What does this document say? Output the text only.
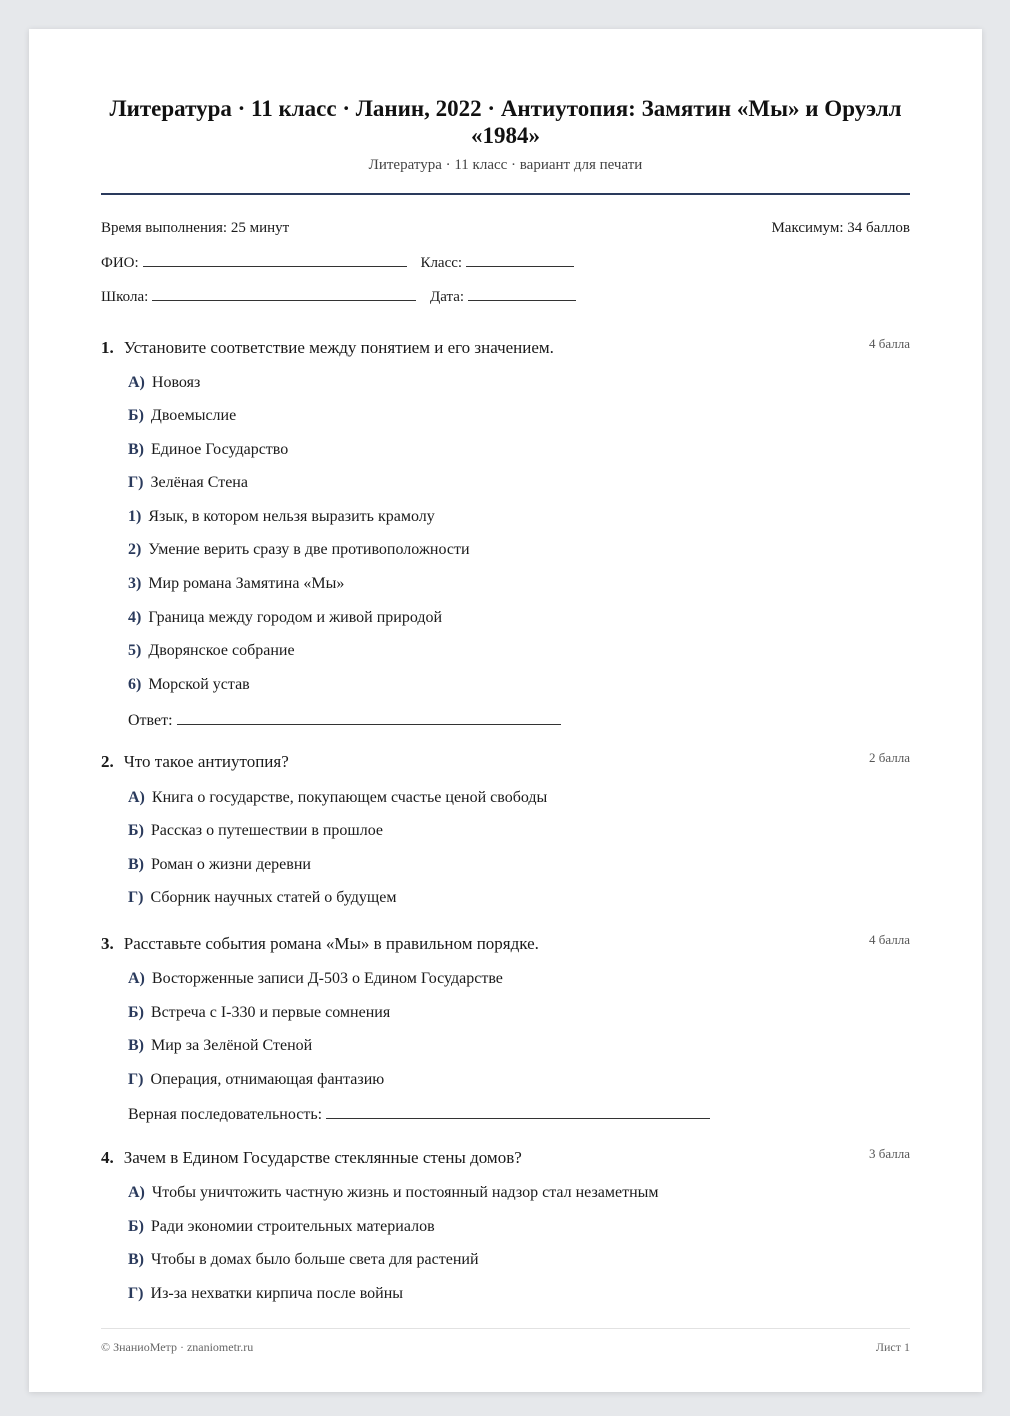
Литература · 11 класс · Ланин, 2022 · Антиутопия: Замятин «Мы» и Оруэлл «1984»
Литература · 11 класс · вариант для печати
Время выполнения: 25 минут	Максимум: 34 баллов
ФИО:	Класс:
Школа:	Дата:
1. Установите соответствие между понятием и его значением.	4 балла
А) Новояз
Б) Двоемыслие
В) Единое Государство
Г) Зелёная Стена
1) Язык, в котором нельзя выразить крамолу
2) Умение верить сразу в две противоположности
3) Мир романа Замятина «Мы»
4) Граница между городом и живой природой
5) Дворянское собрание
6) Морской устав
Ответ:
2. Что такое антиутопия?	2 балла
А) Книга о государстве, покупающем счастье ценой свободы
Б) Рассказ о путешествии в прошлое
В) Роман о жизни деревни
Г) Сборник научных статей о будущем
3. Расставьте события романа «Мы» в правильном порядке.	4 балла
А) Восторженные записи Д-503 о Едином Государстве
Б) Встреча с I-330 и первые сомнения
В) Мир за Зелёной Стеной
Г) Операция, отнимающая фантазию
Верная последовательность:
4. Зачем в Едином Государстве стеклянные стены домов?	3 балла
А) Чтобы уничтожить частную жизнь и постоянный надзор стал незаметным
Б) Ради экономии строительных материалов
В) Чтобы в домах было больше света для растений
Г) Из-за нехватки кирпича после войны
© ЗнаниоМетр · znaniometr.ru	Лист 1
